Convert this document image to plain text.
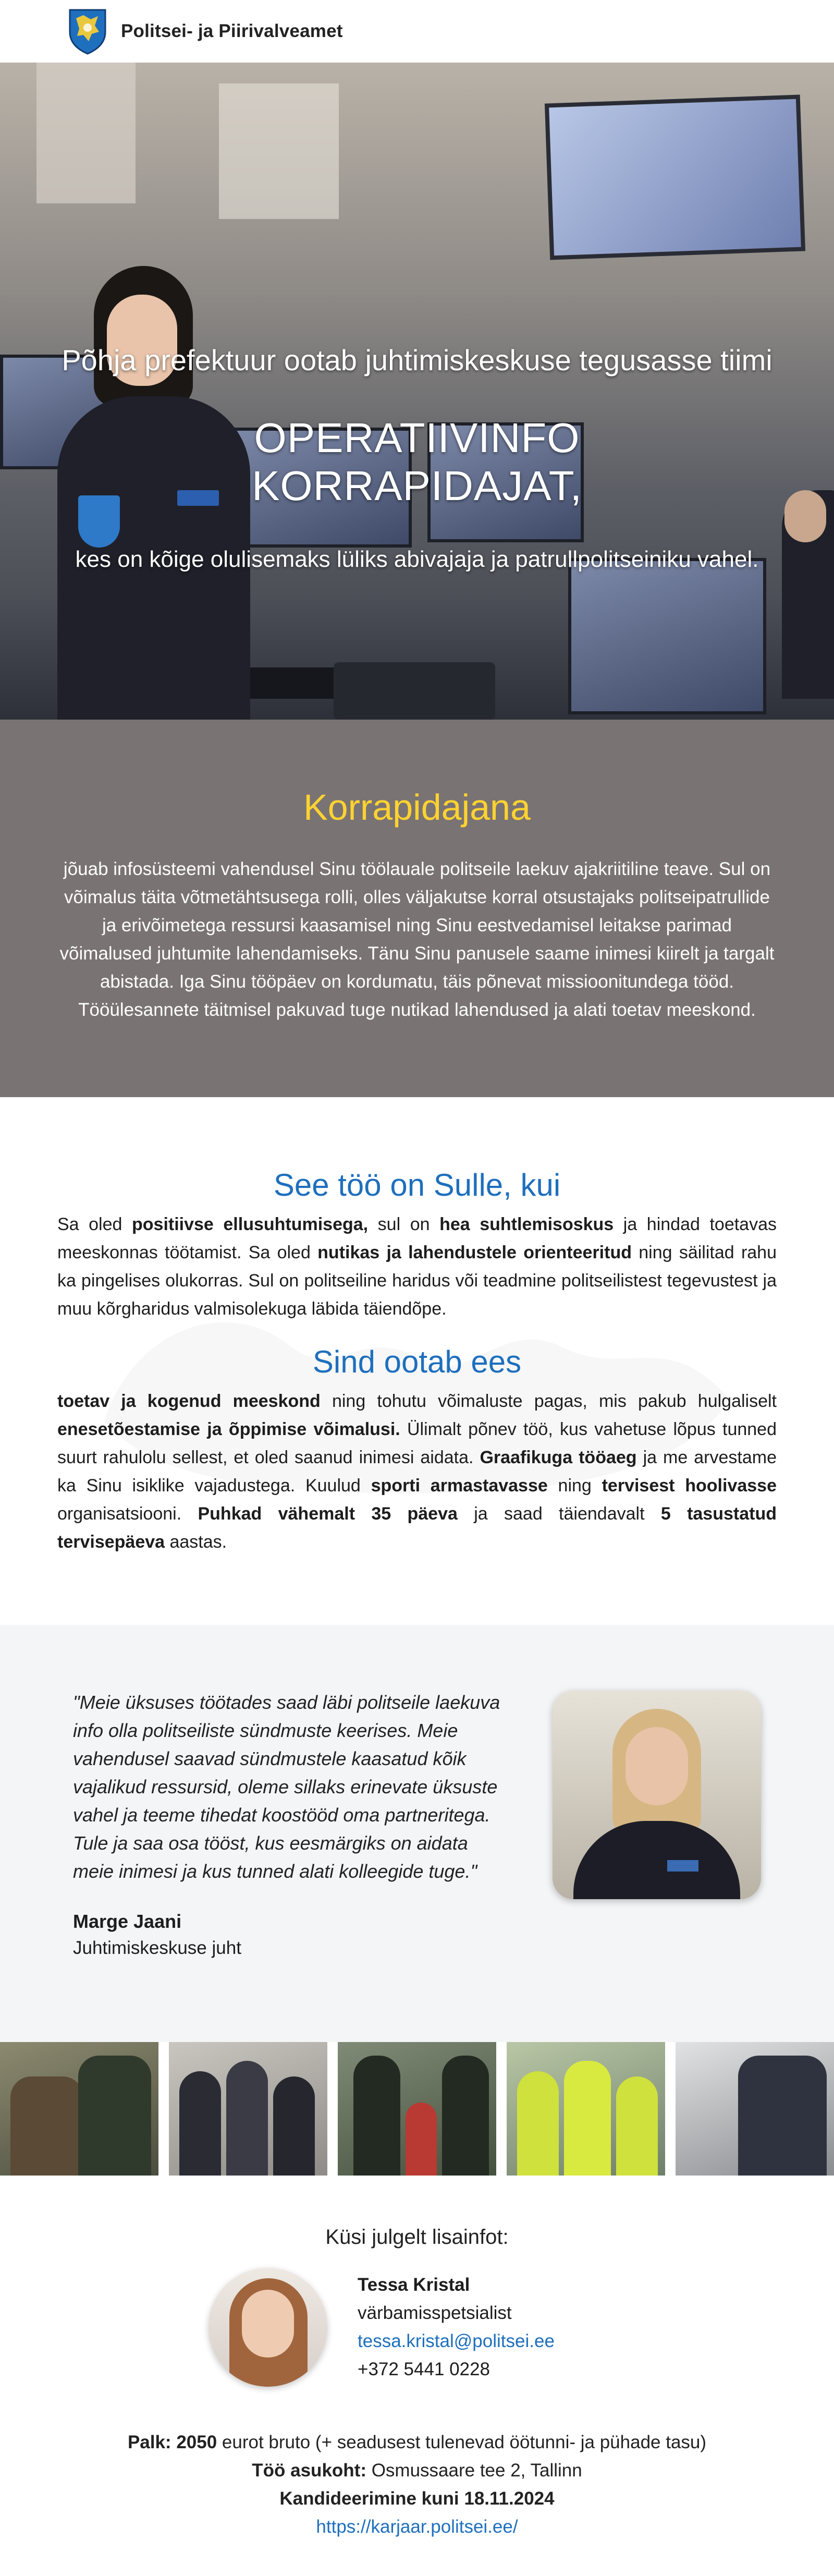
Politsei- ja Piirivalveamet
Põhja prefektuur ootab juhtimiskeskuse tegusasse tiimi
OPERATIIVINFO
KORRAPIDAJAT,
kes on kõige olulisemaks lüliks abivajaja ja patrullpolitseiniku vahel.
Korrapidajana

jõuab infosüsteemi vahendusel Sinu töölauale politseile laekuv ajakriitiline teave. Sul on võimalus täita võtmetähtsusega rolli, olles väljakutse korral otsustajaks politseipatrullide ja erivõimetega ressursi kaasamisel ning Sinu eestvedamisel leitakse parimad võimalused juhtumite lahendamiseks. Tänu Sinu panusele saame inimesi kiirelt ja targalt abistada. Iga Sinu tööpäev on kordumatu, täis põnevat missioonitundega tööd. Tööülesannete täitmisel pakuvad tuge nutikad lahendused ja alati toetav meeskond.

See töö on Sulle, kui

Sa oled positiivse ellusuhtumisega, sul on hea suhtlemisoskus ja hindad toetavas meeskonnas töötamist. Sa oled nutikas ja lahendustele orienteeritud ning säilitad rahu ka pingelises olukorras. Sul on politseiline haridus või teadmine politseilistest tegevustest ja muu kõrgharidus valmisolekuga läbida täiendõpe.

Sind ootab ees

toetav ja kogenud meeskond ning tohutu võimaluste pagas, mis pakub hulgaliselt enesetõestamise ja õppimise võimalusi. Ülimalt põnev töö, kus vahetuse lõpus tunned suurt rahulolu sellest, et oled saanud inimesi aidata. Graafikuga tööaeg ja me arvestame ka Sinu isiklike vajadustega. Kuulud sporti armastavasse ning tervisest hoolivasse organisatsiooni. Puhkad vähemalt 35 päeva ja saad täiendavalt 5 tasustatud tervisepäeva aastas.

"Meie üksuses töötades saad läbi politseile laekuva info olla politseiliste sündmuste keerises. Meie vahendusel saavad sündmustele kaasatud kõik vajalikud ressursid, oleme sillaks erinevate üksuste vahel ja teeme tihedat koostööd oma partneritega. Tule ja saa osa tööst, kus eesmärgiks on aidata meie inimesi ja kus tunned alati kolleegide tuge."
Marge Jaani
Juhtimiskeskuse juht
Küsi julgelt lisainfot:
Tessa Kristal
värbamisspetsialist
tessa.kristal@politsei.ee
+372 5441 0228
Palk: 2050 eurot bruto (+ seadusest tulenevad öötunni- ja pühade tasu)
Töö asukoht: Osmussaare tee 2, Tallinn
Kandideerimine kuni 18.11.2024
https://karjaar.politsei.ee/
